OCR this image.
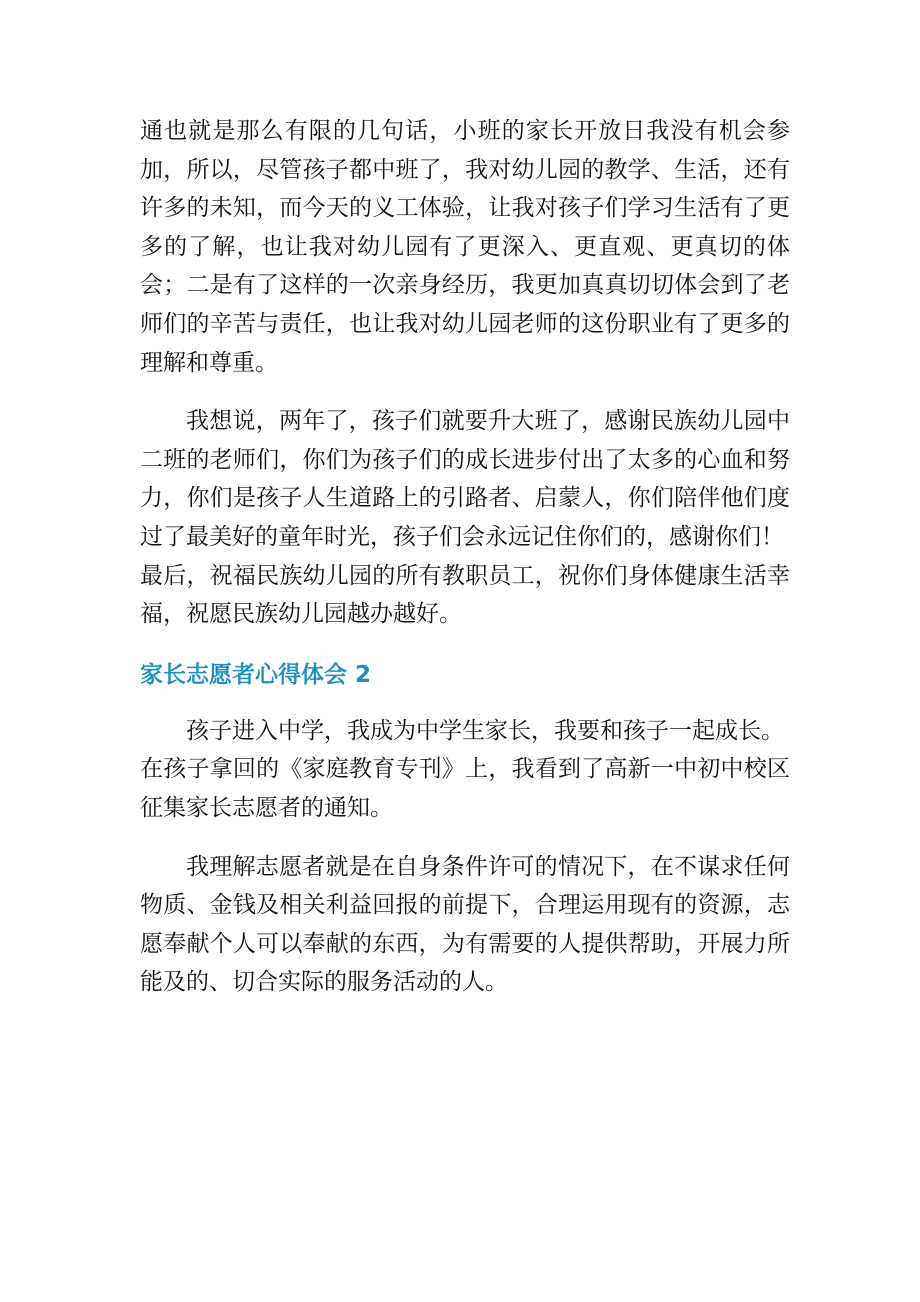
通也就是那么有限的几句话，小班的家长开放日我没有机会参加，所以，尽管孩子都中班了，我对幼儿园的教学、生活，还有许多的未知，而今天的义工体验，让我对孩子们学习生活有了更多的了解，也让我对幼儿园有了更深入、更直观、更真切的体会；二是有了这样的一次亲身经历，我更加真真切切体会到了老师们的辛苦与责任，也让我对幼儿园老师的这份职业有了更多的理解和尊重。

我想说，两年了，孩子们就要升大班了，感谢民族幼儿园中二班的老师们，你们为孩子们的成长进步付出了太多的心血和努力，你们是孩子人生道路上的引路者、启蒙人，你们陪伴他们度过了最美好的童年时光，孩子们会永远记住你们的，感谢你们！

最后，祝福民族幼儿园的所有教职员工，祝你们身体健康生活幸福，祝愿民族幼儿园越办越好。

家长志愿者心得体会 2

孩子进入中学，我成为中学生家长，我要和孩子一起成长。

在孩子拿回的《家庭教育专刊》上，我看到了高新一中初中校区征集家长志愿者的通知。

我理解志愿者就是在自身条件许可的情况下，在不谋求任何物质、金钱及相关利益回报的前提下，合理运用现有的资源，志愿奉献个人可以奉献的东西，为有需要的人提供帮助，开展力所能及的、切合实际的服务活动的人。
